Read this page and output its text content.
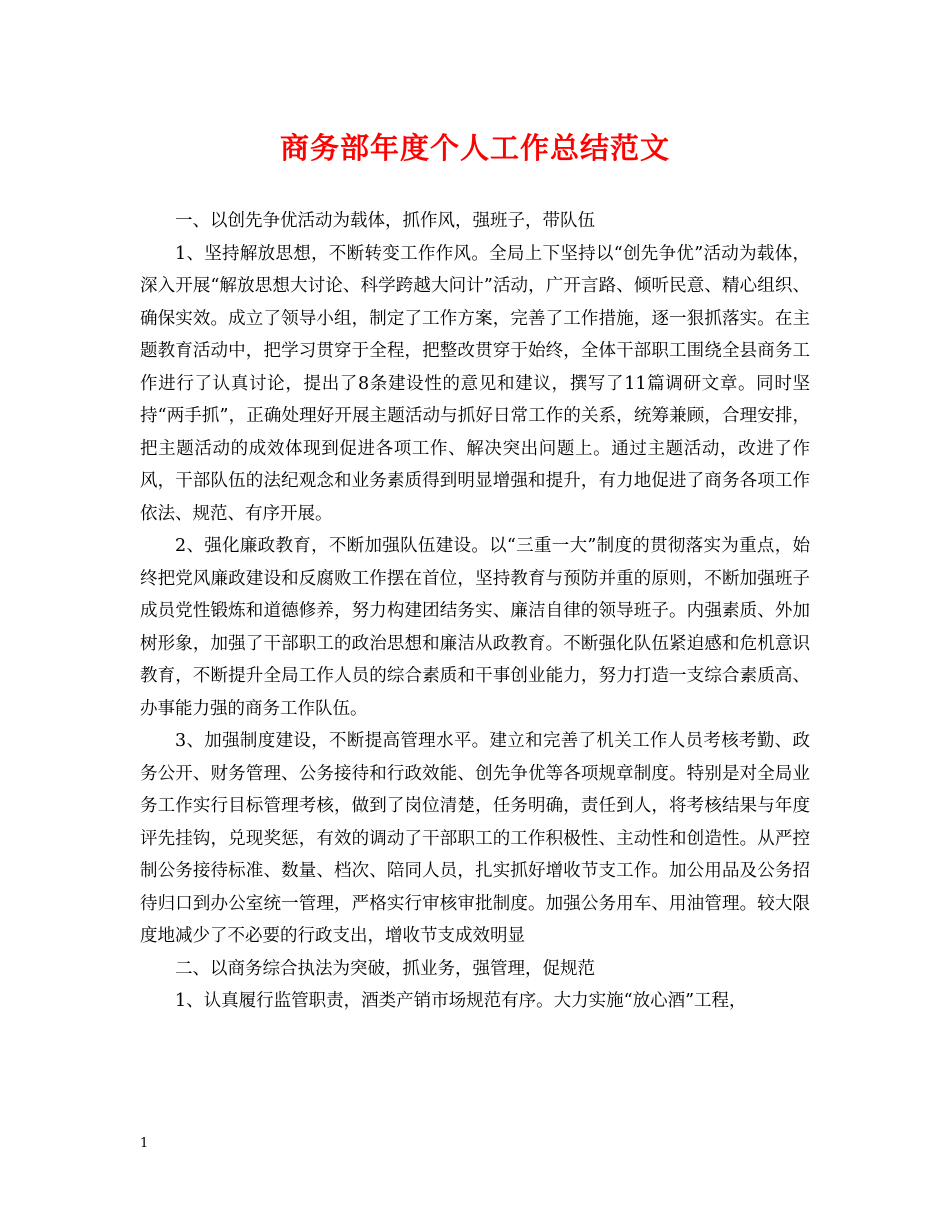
商务部年度个人工作总结范文

一、以创先争优活动为载体，抓作风，强班子，带队伍

1、坚持解放思想，不断转变工作作风。全局上下坚持以“创先争优”活动为载体，深入开展“解放思想大讨论、科学跨越大问计”活动，广开言路、倾听民意、精心组织、确保实效。成立了领导小组，制定了工作方案，完善了工作措施，逐一狠抓落实。在主题教育活动中，把学习贯穿于全程，把整改贯穿于始终，全体干部职工围绕全县商务工作进行了认真讨论，提出了8条建设性的意见和建议，撰写了11篇调研文章。同时坚持“两手抓”，正确处理好开展主题活动与抓好日常工作的关系，统筹兼顾，合理安排，把主题活动的成效体现到促进各项工作、解决突出问题上。通过主题活动，改进了作风，干部队伍的法纪观念和业务素质得到明显增强和提升，有力地促进了商务各项工作依法、规范、有序开展。

2、强化廉政教育，不断加强队伍建设。以“三重一大”制度的贯彻落实为重点，始终把党风廉政建设和反腐败工作摆在首位，坚持教育与预防并重的原则，不断加强班子成员党性锻炼和道德修养，努力构建团结务实、廉洁自律的领导班子。内强素质、外加树形象，加强了干部职工的政治思想和廉洁从政教育。不断强化队伍紧迫感和危机意识教育，不断提升全局工作人员的综合素质和干事创业能力，努力打造一支综合素质高、办事能力强的商务工作队伍。

3、加强制度建设，不断提高管理水平。建立和完善了机关工作人员考核考勤、政务公开、财务管理、公务接待和行政效能、创先争优等各项规章制度。特别是对全局业务工作实行目标管理考核，做到了岗位清楚，任务明确，责任到人，将考核结果与年度评先挂钩，兑现奖惩，有效的调动了干部职工的工作积极性、主动性和创造性。从严控制公务接待标准、数量、档次、陪同人员，扎实抓好增收节支工作。加公用品及公务招待归口到办公室统一管理，严格实行审核审批制度。加强公务用车、用油管理。较大限度地减少了不必要的行政支出，增收节支成效明显

二、以商务综合执法为突破，抓业务，强管理，促规范

1、认真履行监管职责，酒类产销市场规范有序。大力实施“放心酒”工程，

1
